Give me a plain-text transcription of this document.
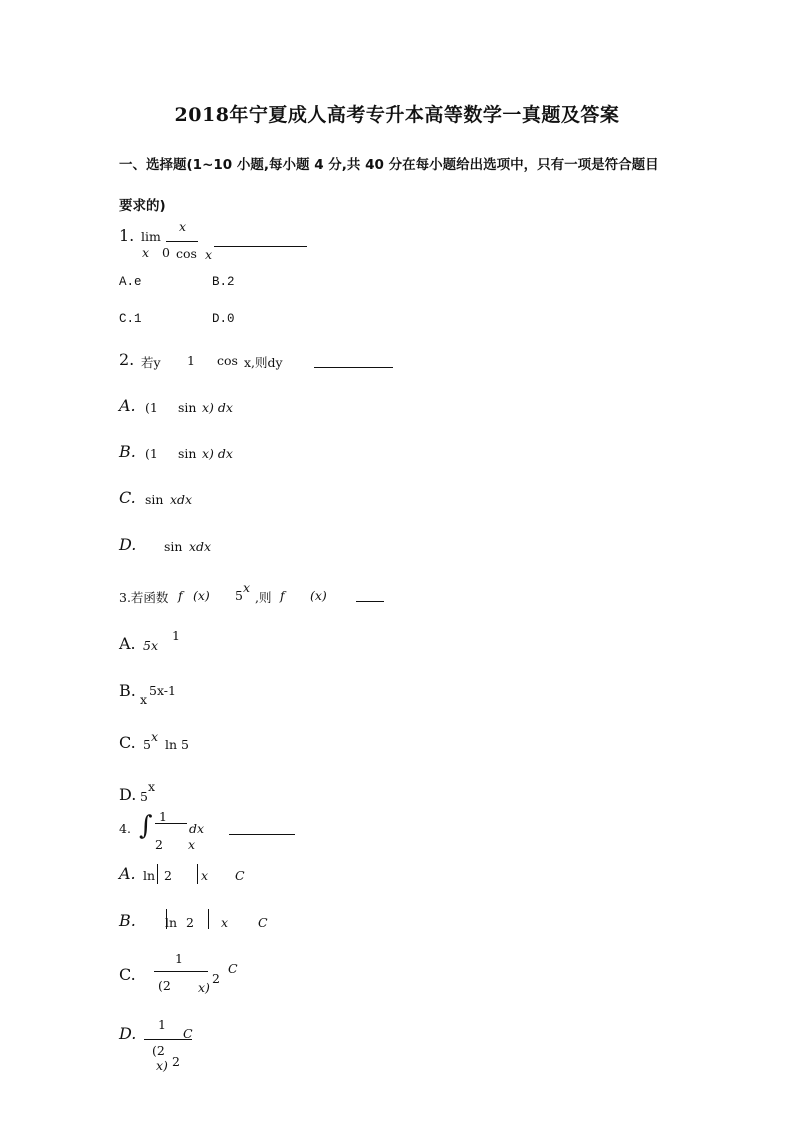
2018年宁夏成人高考专升本高等数学一真题及答案
一、选择题(1~10 小题,每小题 4 分,共 40 分在每小题给出选项中，只有一项是符合题目
要求的)
1. lim
x 0
x
cos x
A.e	B.2
C.1	D.0
2. 若y 1 cos x,则dy
A. (1 sin x) dx
B. (1 sin x) dx
C. sin xdx
D. sin xdx
3.若函数 f (x) 5
x
,则 f (x)
A. 5x
1
B. x
5x-1
C. 5
x
ln 5
D. 5
x
4. ∫ 1
2 x
dx
A. ln 2 x C
B. ln 2 x C
C.
1
(2 x)
2
C
D. 1
C
(2
x) 2
